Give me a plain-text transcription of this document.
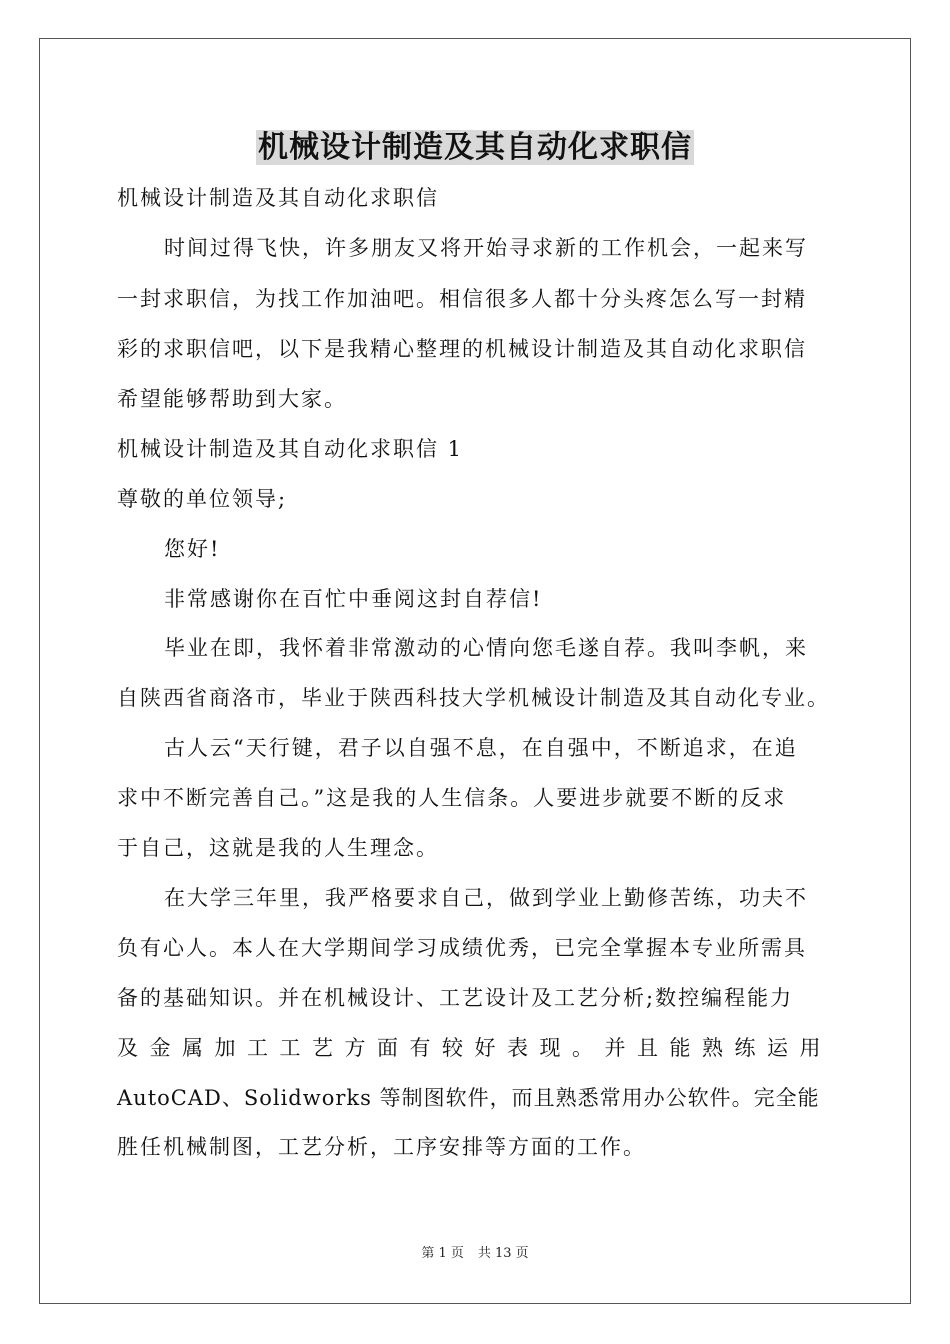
机械设计制造及其自动化求职信
机械设计制造及其自动化求职信
时间过得飞快，许多朋友又将开始寻求新的工作机会，一起来写
一封求职信，为找工作加油吧。相信很多人都十分头疼怎么写一封精
彩的求职信吧，以下是我精心整理的机械设计制造及其自动化求职信
希望能够帮助到大家。
机械设计制造及其自动化求职信 1
尊敬的单位领导;
您好!
非常感谢你在百忙中垂阅这封自荐信!
毕业在即，我怀着非常激动的心情向您毛遂自荐。我叫李帆，来
自陕西省商洛市，毕业于陕西科技大学机械设计制造及其自动化专业。
古人云“天行键，君子以自强不息，在自强中，不断追求，在追
求中不断完善自己。”这是我的人生信条。人要进步就要不断的反求
于自己，这就是我的人生理念。
在大学三年里，我严格要求自己，做到学业上勤修苦练，功夫不
负有心人。本人在大学期间学习成绩优秀，已完全掌握本专业所需具
备的基础知识。并在机械设计、工艺设计及工艺分析;数控编程能力
及金属加工工艺方面有较好表现。并且能熟练运用
AutoCAD、Solidworks 等制图软件，而且熟悉常用办公软件。完全能
胜任机械制图，工艺分析，工序安排等方面的工作。
第 1 页 共 13 页
